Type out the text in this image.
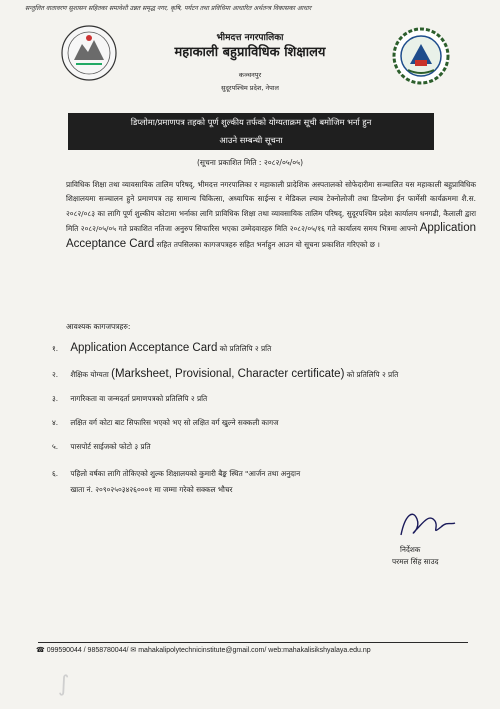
सन्तुलित वातावरण सुशासन सहितका समावेशी उन्नत समृद्ध नगर, कृषि, पर्यटन तथा प्रविधिमा आधारित अर्थतन्त्र विकासका आधार
भीमदत्त नगरपालिका
महाकाली बहुप्राविधिक शिक्षालय
कञ्चनपुर
सुदूरपश्चिम प्रदेश, नेपाल
डिप्लोमा/प्रमाणपत्र तहको पूर्ण शुल्कीय तर्फको योग्यताक्रम सूची बमोजिम भर्ना हुन
आउने सम्बन्धी सूचना
(सूचना प्रकाशित मिति : २०८२/०५/०५)
प्राविधिक शिक्षा तथा व्यावसायिक तालिम परिषद्, भीमदत्त नगरपालिका र महाकाली प्रादेशिक अस्पतालको सोफेदारीमा सञ्चालित यस महाकाली बहुप्राविधिक शिक्षालयमा सञ्चालन हुने प्रमाणपत्र तह सामान्य चिकित्सा, अध्यापिक साईन्स र मेडिकल ल्याब टेक्नोलोजी तथा डिप्लोमा ईन फार्मेसी कार्यक्रममा शै.स. २०८२/०८३ का लागि पूर्ण शुल्कीय कोटामा भर्नाका लागि प्राविधिक शिक्षा तथा व्यावसायिक तालिम परिषद्, सुदूरपश्चिम प्रदेश कार्यालय धनगढी, कैलाली द्वारा मिति २०८२/०५/०५ गते प्रकाशित नतिजा अनुरुप सिफारिस भएका उम्मेदवारहरु मिति २०८२/०५/१६ गते कार्यालय समय भित्रमा आफ्नो Application Acceptance Card सहित तपसिलका कागजपत्रहरु सहित भर्नाहुन आउन यो सूचना प्रकाशित गरिएको छ ।
आवश्यक कागजपत्रहरु:
१. Application Acceptance Card को प्रतिलिपि २ प्रति
२. शैक्षिक योग्यता (Marksheet, Provisional, Character certificate) को प्रतिलिपि २ प्रति
३. नागरिकता वा जन्मदर्ता प्रमाणपत्रको प्रतिलिपि २ प्रति
४. लक्षित वर्ग कोटा बाट सिफारिस भएको भए सो लक्षित वर्ग खुल्ने सक्कली कागज
५. पासपोर्ट साईजको फोटो ३ प्रति
६. पहिलो वर्षका लागि तोकिएको शुल्क शिक्षालयको कुमारी बैङ्क स्थित "आर्जन तथा अनुदान
खाता नं. २०९०२५०३४२६०००१ मा जम्मा गरेको सक्कल भौचर
निर्देशक
परमल सिंह साउद
☎ 099590044 / 9858780044/ ✉ mahakalipolytechnicinstitute@gmail.com/ web:mahakalisikshyalaya.edu.np
∫
